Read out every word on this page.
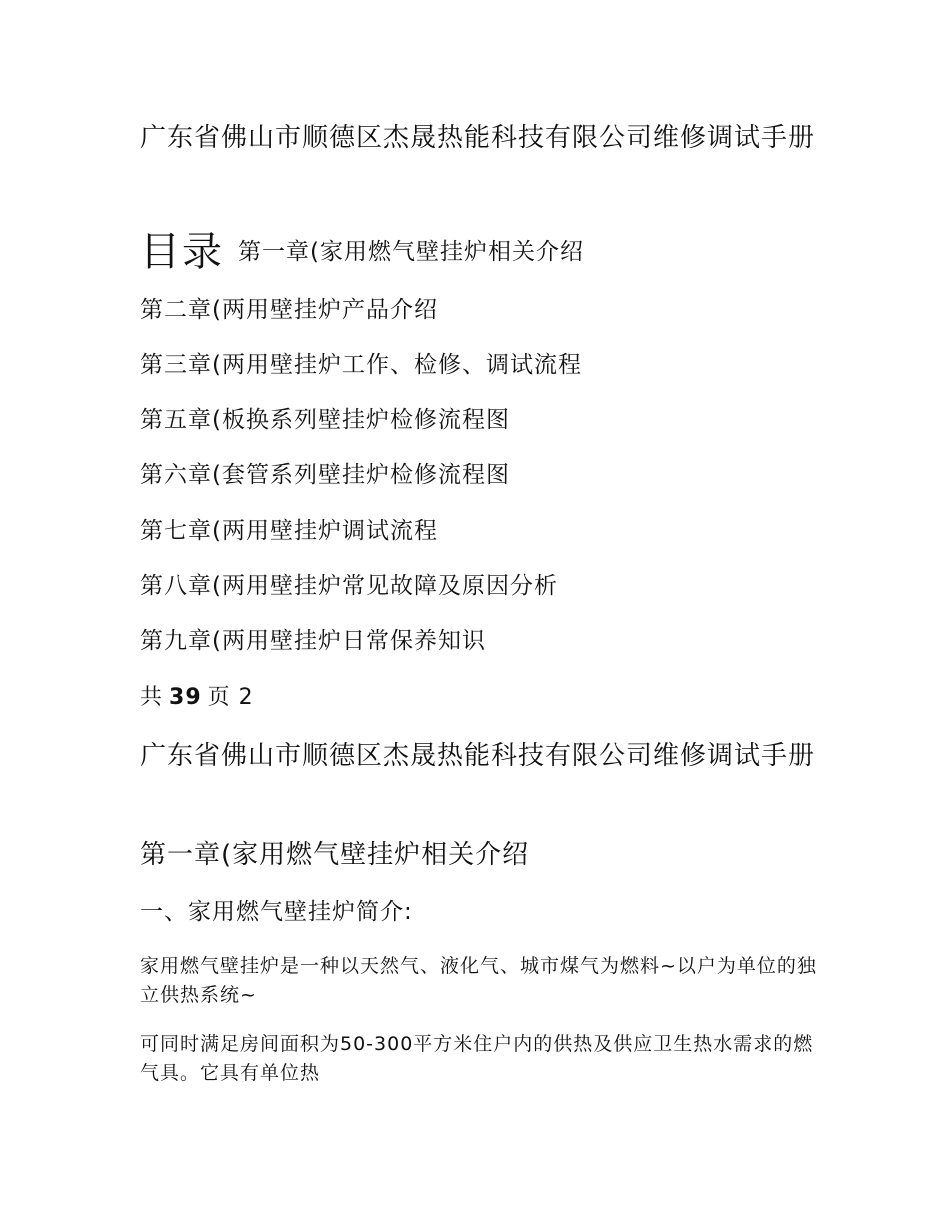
广东省佛山市顺德区杰晟热能科技有限公司维修调试手册
目录 第一章(家用燃气壁挂炉相关介绍
第二章(两用壁挂炉产品介绍
第三章(两用壁挂炉工作、检修、调试流程
第五章(板换系列壁挂炉检修流程图
第六章(套管系列壁挂炉检修流程图
第七章(两用壁挂炉调试流程
第八章(两用壁挂炉常见故障及原因分析
第九章(两用壁挂炉日常保养知识
共 39 页 2
广东省佛山市顺德区杰晟热能科技有限公司维修调试手册
第一章(家用燃气壁挂炉相关介绍
一、家用燃气壁挂炉简介:
家用燃气壁挂炉是一种以天然气、液化气、城市煤气为燃料~以户为单位的独立供热系统~
可同时满足房间面积为50-300平方米住户内的供热及供应卫生热水需求的燃气具。它具有单位热
